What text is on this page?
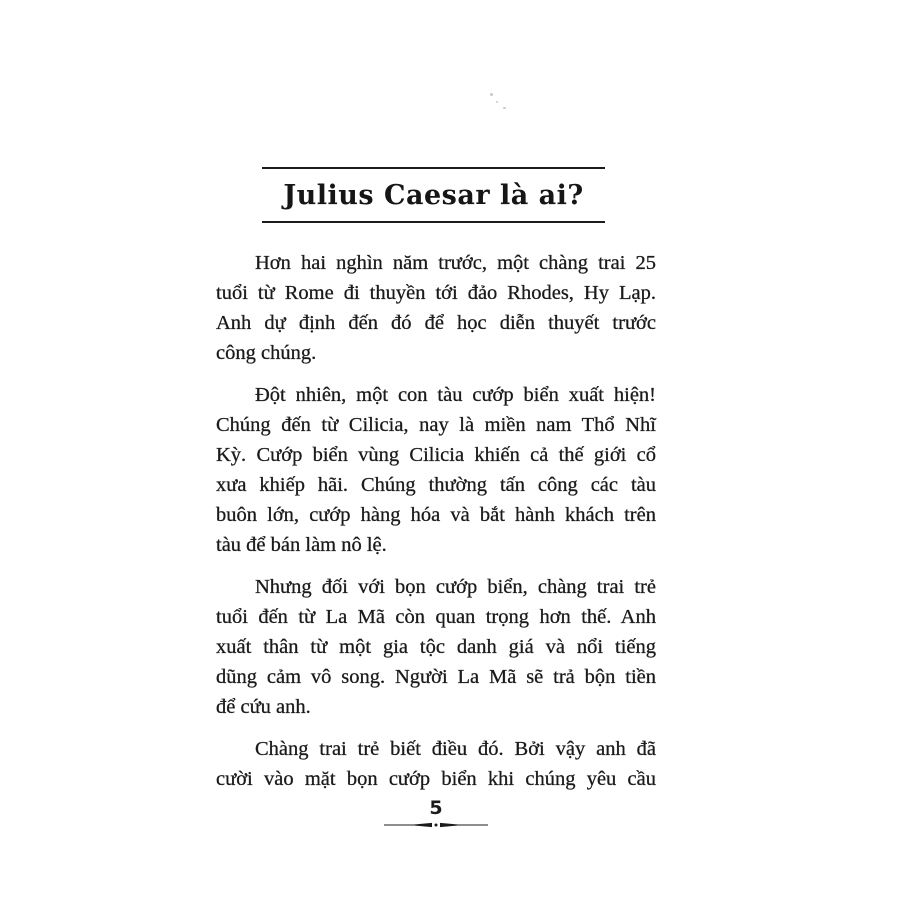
Julius Caesar là ai?

Hơn hai nghìn năm trước, một chàng trai 25
tuổi từ Rome đi thuyền tới đảo Rhodes, Hy Lạp.
Anh dự định đến đó để học diễn thuyết trước
công chúng.

Đột nhiên, một con tàu cướp biển xuất hiện!
Chúng đến từ Cilicia, nay là miền nam Thổ Nhĩ
Kỳ. Cướp biển vùng Cilicia khiến cả thế giới cổ
xưa khiếp hãi. Chúng thường tấn công các tàu
buôn lớn, cướp hàng hóa và bắt hành khách trên
tàu để bán làm nô lệ.

Nhưng đối với bọn cướp biển, chàng trai trẻ
tuổi đến từ La Mã còn quan trọng hơn thế. Anh
xuất thân từ một gia tộc danh giá và nổi tiếng
dũng cảm vô song. Người La Mã sẽ trả bộn tiền
để cứu anh.

Chàng trai trẻ biết điều đó. Bởi vậy anh đã
cười vào mặt bọn cướp biển khi chúng yêu cầu

5
